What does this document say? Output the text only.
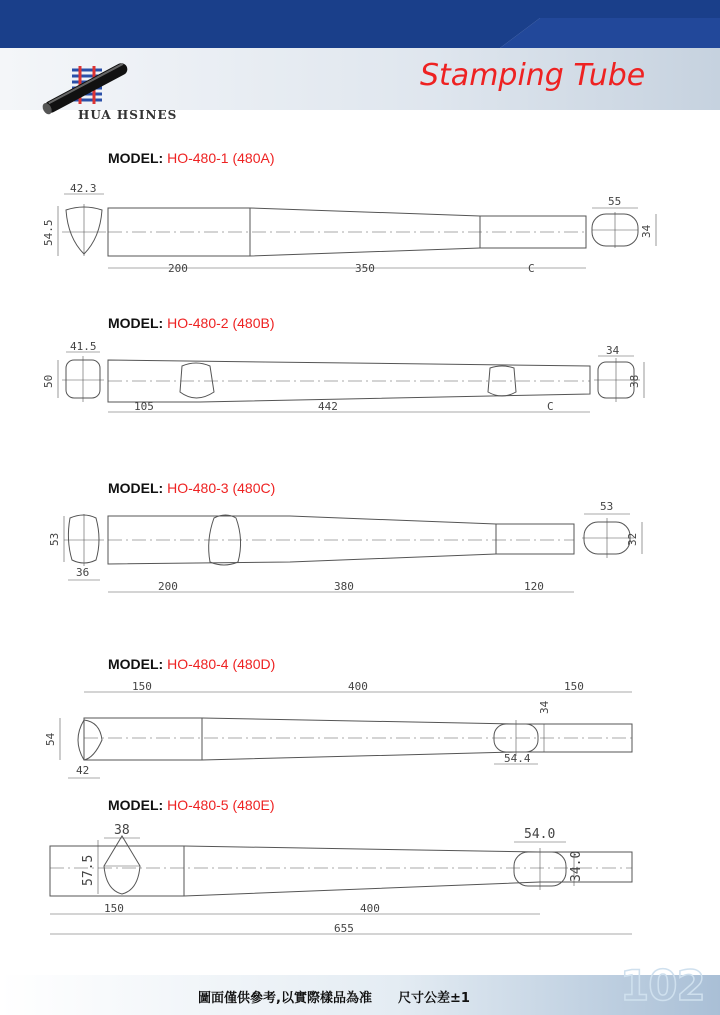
HUA HSINES
Stamping Tube
MODEL: HO-480-1 (480A)
MODEL: HO-480-2 (480B)
MODEL: HO-480-3 (480C)
MODEL: HO-480-4 (480D)
MODEL: HO-480-5 (480E)
42.3
54.5
200	350	C
55
34
41.5
50
105	442	C
34
38
53
36
200	380	120
53
32
150	400	150
54
42
34
54.4
38
57.5
54.0
34.0
150	400
655
圖面僅供參考,以實際樣品為准　　尺寸公差±1	102
